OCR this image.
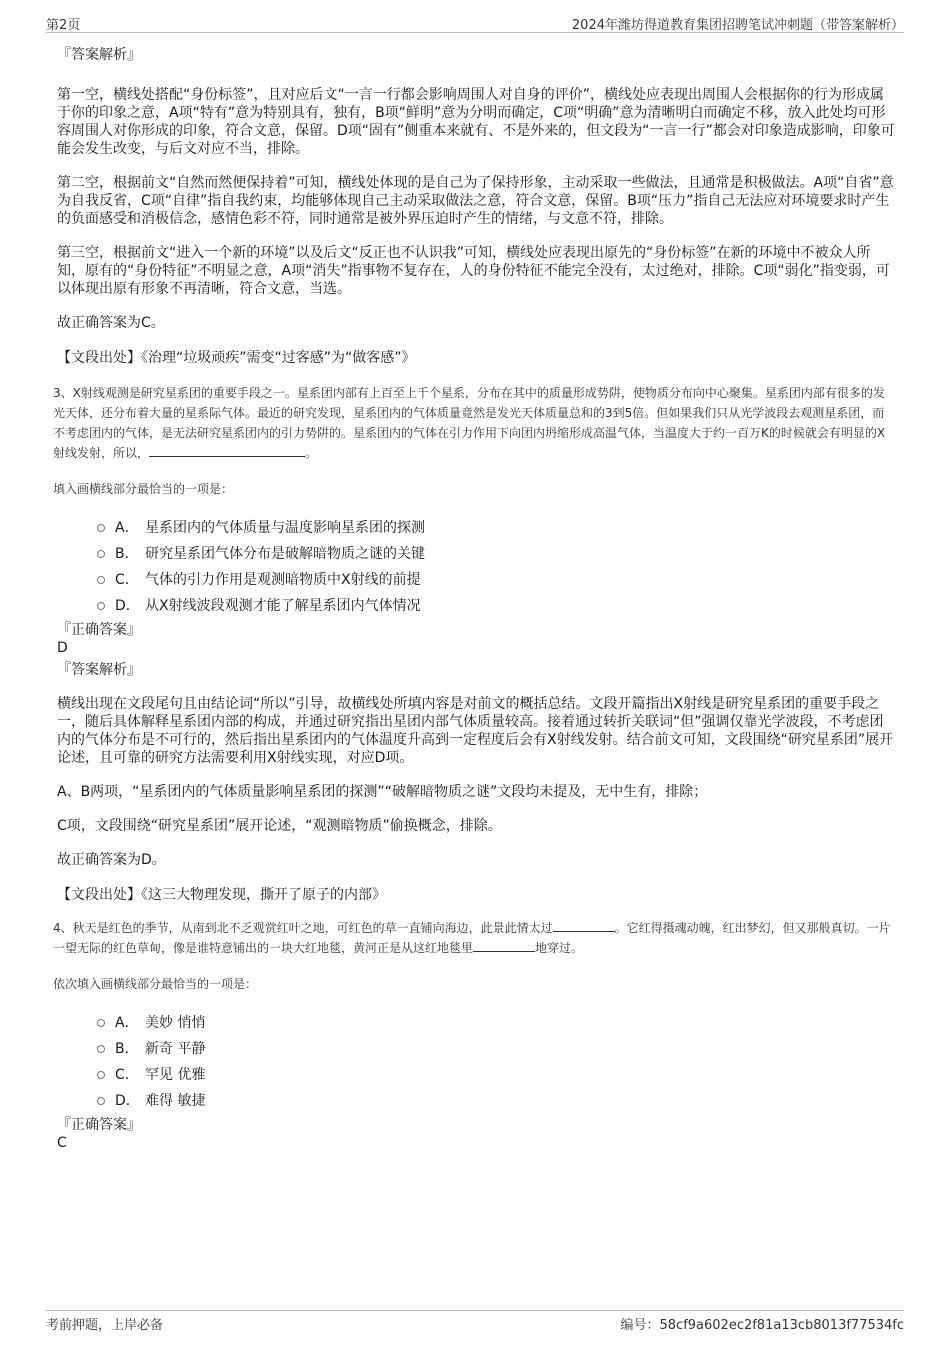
第2页	2024年潍坊得道教育集团招聘笔试冲刺题（带答案解析）

『答案解析』

第一空，横线处搭配“身份标签”，且对应后文“一言一行都会影响周围人对自身的评价”，横线处应表现出周围人会根据你的行为形成属于你的印象之意，A项“特有”意为特别具有，独有，B项“鲜明”意为分明而确定，C项“明确”意为清晰明白而确定不移，放入此处均可形容周围人对你形成的印象，符合文意，保留。D项“固有”侧重本来就有、不是外来的，但文段为“一言一行”都会对印象造成影响，印象可能会发生改变，与后文对应不当，排除。

第二空，根据前文“自然而然便保持着”可知，横线处体现的是自己为了保持形象，主动采取一些做法，且通常是积极做法。A项“自省”意为自我反省，C项“自律”指自我约束，均能够体现自己主动采取做法之意，符合文意，保留。B项“压力”指自己无法应对环境要求时产生的负面感受和消极信念，感情色彩不符，同时通常是被外界压迫时产生的情绪，与文意不符，排除。

第三空，根据前文“进入一个新的环境”以及后文“反正也不认识我”可知，横线处应表现出原先的“身份标签”在新的环境中不被众人所知，原有的“身份特征”不明显之意，A项“消失”指事物不复存在，人的身份特征不能完全没有，太过绝对，排除。C项“弱化”指变弱，可以体现出原有形象不再清晰，符合文意，当选。

故正确答案为C。

【文段出处】《治理“垃圾顽疾”需变“过客感”为“做客感”》

3、X射线观测是研究星系团的重要手段之一。星系团内部有上百至上千个星系，分布在其中的质量形成势阱，使物质分布向中心聚集。星系团内部有很多的发光天体，还分布着大量的星系际气体。最近的研究发现，星系团内的气体质量竟然是发光天体质量总和的3到5倍。但如果我们只从光学波段去观测星系团，而不考虑团内的气体，是无法研究星系团内的引力势阱的。星系团内的气体在引力作用下向团内坍缩形成高温气体，当温度大于约一百万K的时候就会有明显的X射线发射，所以，	。

填入画横线部分最恰当的一项是：

A． 星系团内的气体质量与温度影响星系团的探测
B． 研究星系团气体分布是破解暗物质之谜的关键
C． 气体的引力作用是观测暗物质中X射线的前提
D． 从X射线波段观测才能了解星系团内气体情况

『正确答案』

D

『答案解析』

横线出现在文段尾句且由结论词“所以”引导，故横线处所填内容是对前文的概括总结。文段开篇指出X射线是研究星系团的重要手段之一，随后具体解释星系团内部的构成，并通过研究指出星团内部气体质量较高。接着通过转折关联词“但”强调仅靠光学波段，不考虑团内的气体分布是不可行的，然后指出星系团内的气体温度升高到一定程度后会有X射线发射。结合前文可知，文段围绕“研究星系团”展开论述，且可靠的研究方法需要利用X射线实现，对应D项。

A、B两项，“星系团内的气体质量影响星系团的探测”“破解暗物质之谜”文段均未提及，无中生有，排除；

C项，文段围绕“研究星系团”展开论述，“观测暗物质”偷换概念，排除。

故正确答案为D。

【文段出处】《这三大物理发现，撕开了原子的内部》

4、秋天是红色的季节，从南到北不乏观赏红叶之地，可红色的草一直铺向海边，此景此情太过	。它红得摄魂动魄，红出梦幻，但又那般真切。一片一望无际的红色草甸，像是谁特意铺出的一块大红地毯，黄河正是从这红地毯里	地穿过。

依次填入画横线部分最恰当的一项是：

A． 美妙 悄悄
B． 新奇 平静
C． 罕见 优雅
D． 难得 敏捷

『正确答案』

C

考前押题，上岸必备	编号：58cf9a602ec2f81a13cb8013f77534fc
